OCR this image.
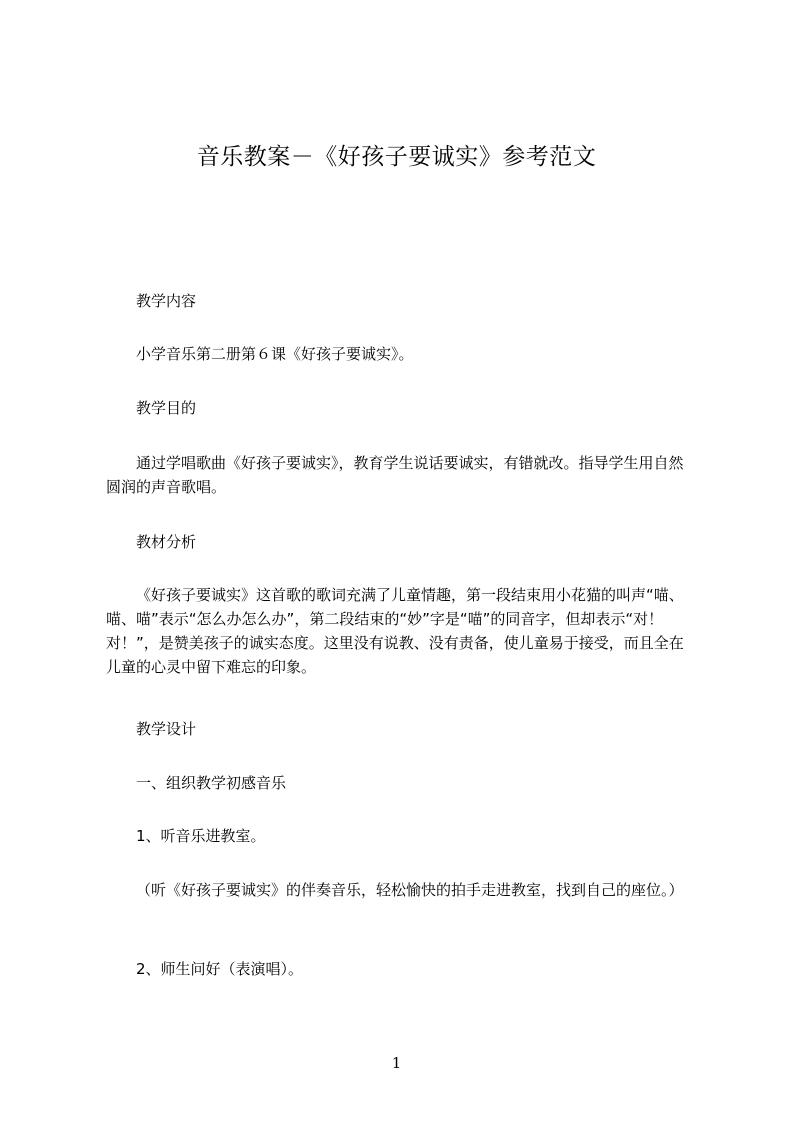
音乐教案－《好孩子要诚实》参考范文

教学内容

小学音乐第二册第６课《好孩子要诚实》。

教学目的

通过学唱歌曲《好孩子要诚实》，教育学生说话要诚实，有错就改。指导学生用自然圆润的声音歌唱。

教材分析

《好孩子要诚实》这首歌的歌词充满了儿童情趣，第一段结束用小花猫的叫声“喵、喵、喵”表示“怎么办怎么办”，第二段结束的“妙”字是“喵”的同音字，但却表示“对！对！”，是赞美孩子的诚实态度。这里没有说教、没有责备，使儿童易于接受，而且全在儿童的心灵中留下难忘的印象。

教学设计

一、组织教学初感音乐

1、听音乐进教室。

（听《好孩子要诚实》的伴奏音乐，轻松愉快的拍手走进教室，找到自己的座位。）

2、师生问好（表演唱）。

1
